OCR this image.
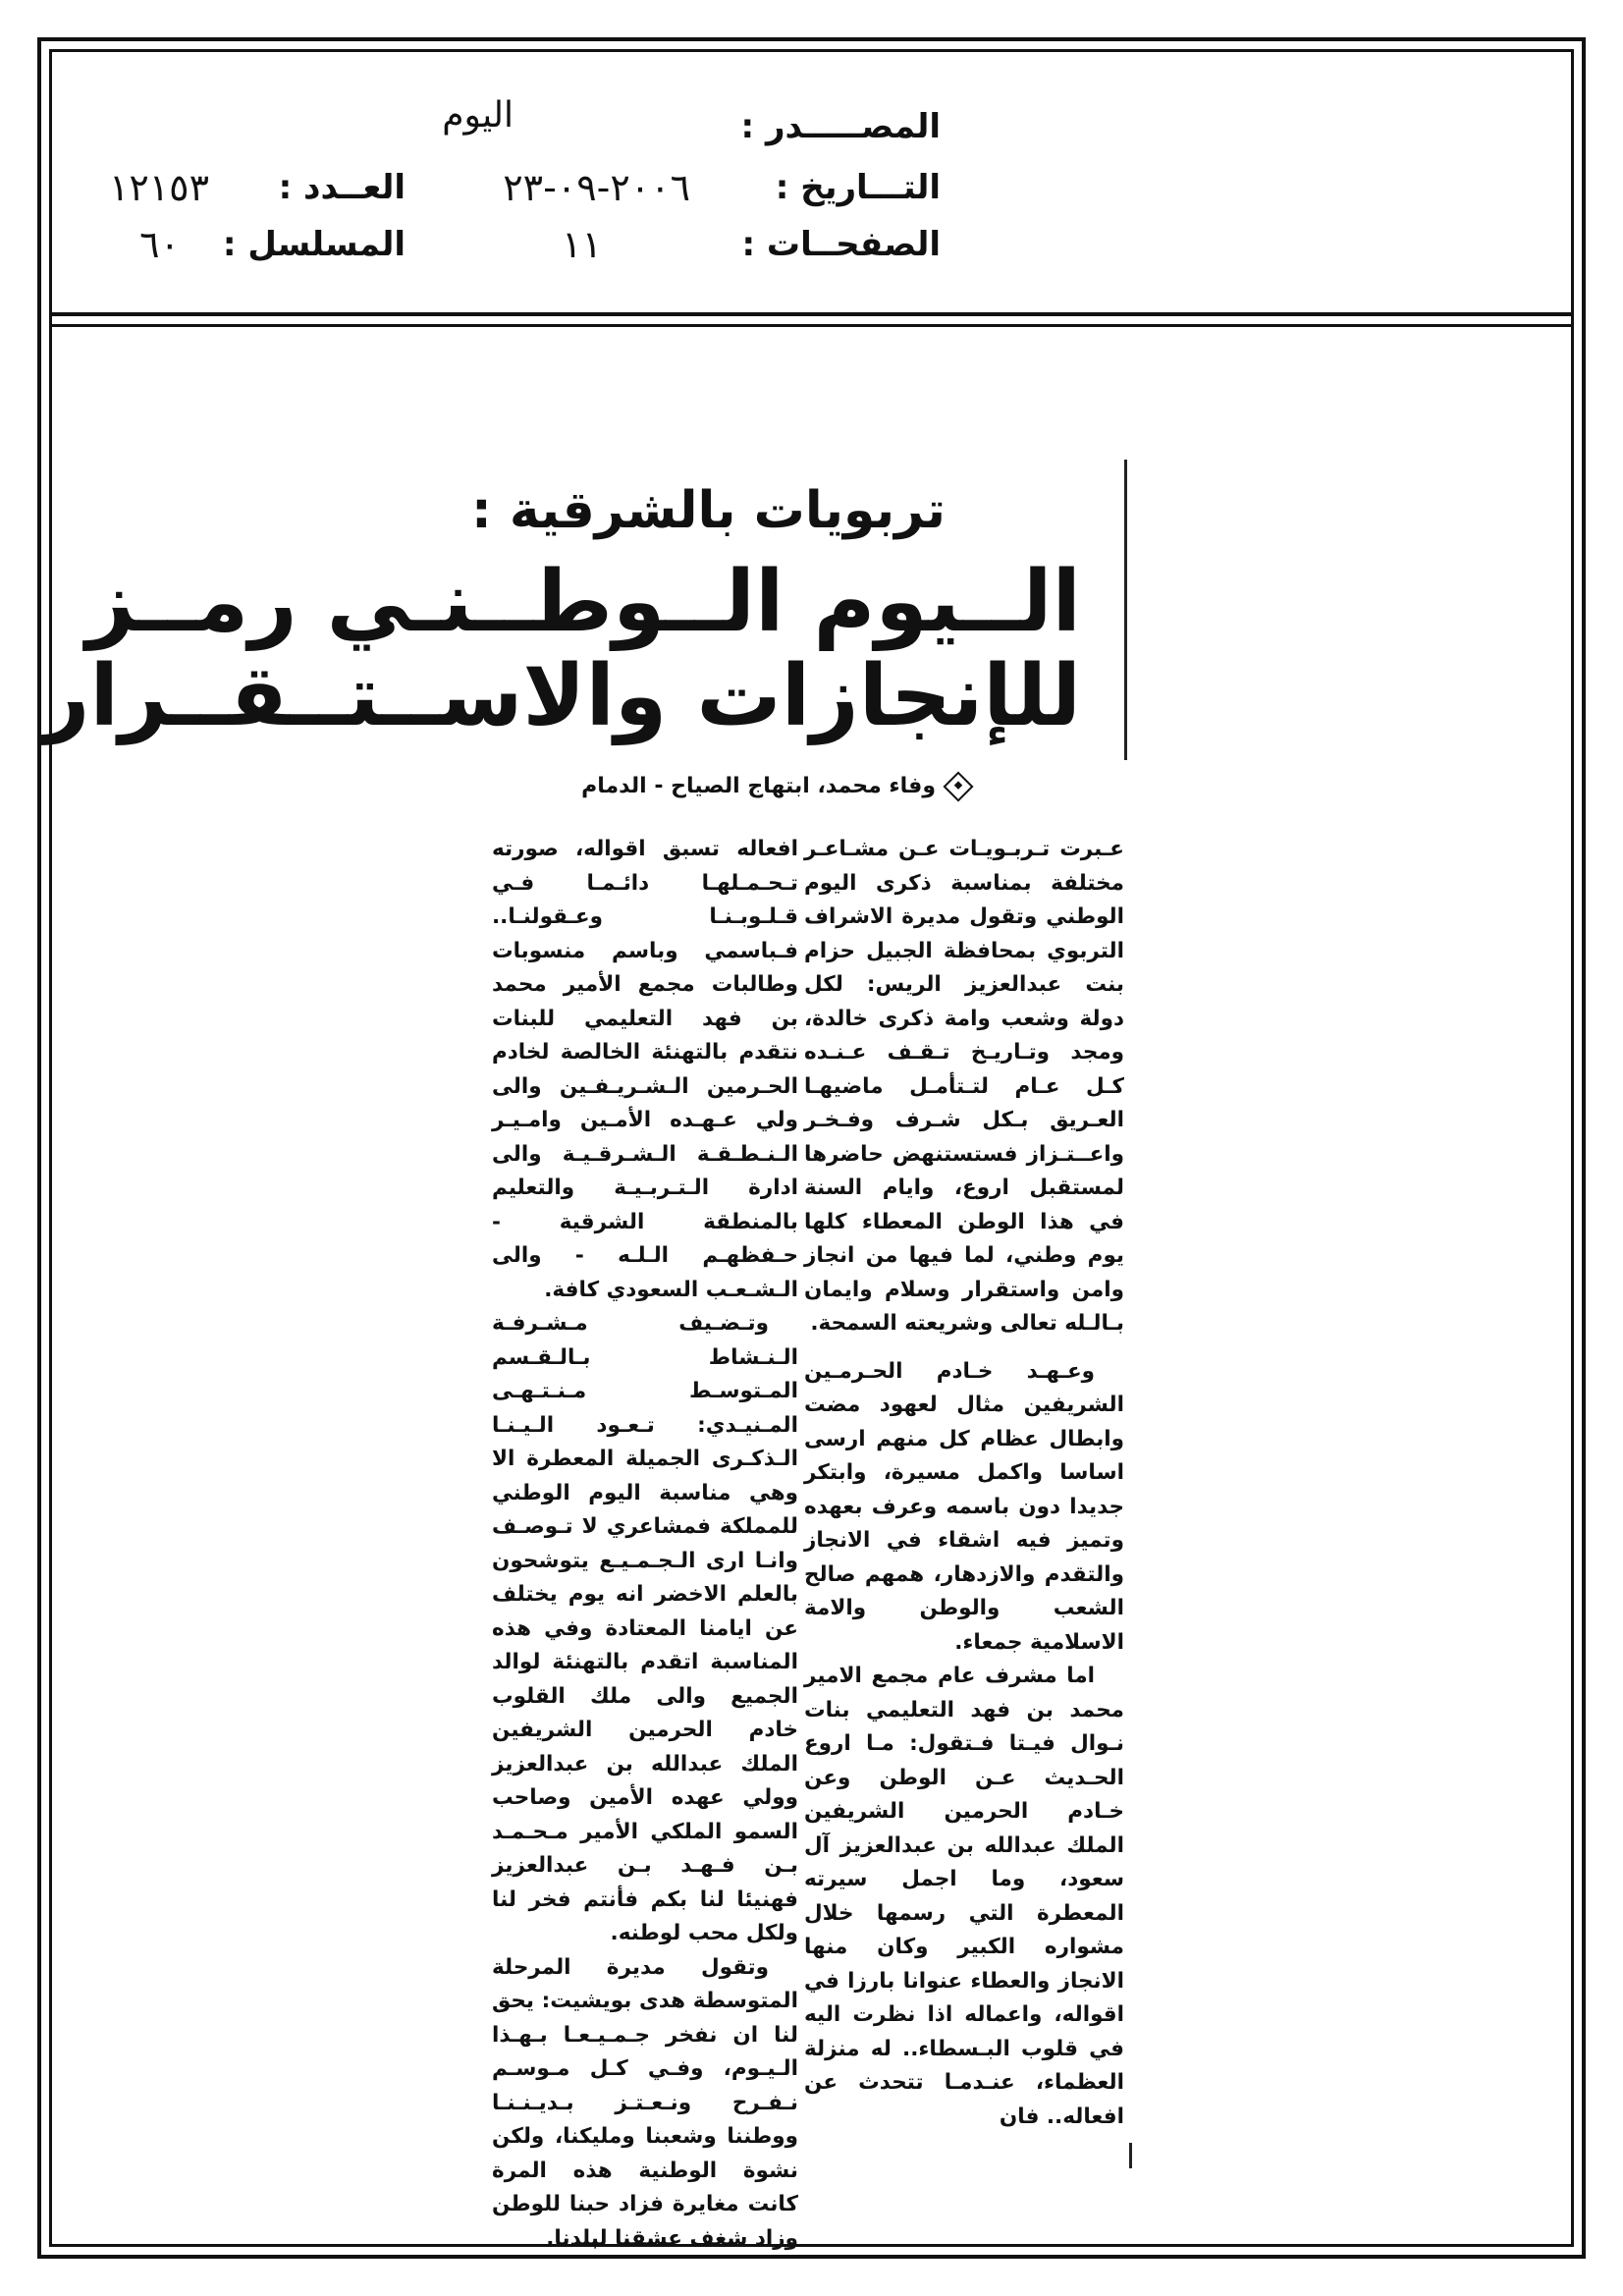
المصـــــدر :
اليوم
التـــاريخ :
٢٠٠٦-٠٩-٢٣
العــدد :
١٢١٥٣
الصفحــات :
١١
المسلسل :
٦٠
تربويات بالشرقية :
الــيوم الــوطــنـي رمــز
للإنجازات والاســتــقــرار
وفاء محمد، ابتهاج الصياح - الدمام

عـبرت تـربـويـات عـن مشـاعـر مختلفة بمناسبة ذكرى اليوم الوطني وتقول مديرة الاشراف التربوي بمحافظة الجبيل حزام بنت عبدالعزيز الريس: لكل دولة وشعب وامة ذكرى خالدة، ومجد وتـاريـخ تـقـف عـنـده كـل عـام لتـتأمـل ماضيهـا العـريق بـكل شـرف وفـخـر واعــتـزاز فستستنهض حاضرها لمستقبل اروع، وايام السنة في هذا الوطن المعطاء كلها يوم وطني، لما فيها من انجاز وامن واستقرار وسلام وايمان بـالـله تعالى وشريعته السمحة.

وعـهـد خـادم الحـرمـين الشريفين مثال لعهود مضت وابطال عظام كل منهم ارسى اساسا واكمل مسيرة، وابتكر جديدا دون باسمه وعرف بعهده وتميز فيه اشقاء في الانجاز والتقدم والازدهار، همهم صالح الشعب والوطن والامة الاسلامية جمعاء.

اما مشرف عام مجمع الامير محمد بن فهد التعليمي بنات نـوال فيـتا فـتقول: مـا اروع الحـديث عـن الوطن وعن خـادم الحرمين الشريفين الملك عبدالله بن عبدالعزيز آل سعود، وما اجمل سيرته المعطرة التي رسمها خلال مشواره الكبير وكان منها الانجاز والعطاء عنوانا بارزا في اقواله، واعماله اذا نظرت اليه في قلوب البـسطاء.. له منزلة العظماء، عنـدمـا تتحدث عن افعاله.. فان

افعاله تسبق اقواله، صورته تـحـمـلهـا دائـمـا فـي قـلـوبـنـا وعـقولنـا.. فـباسمي وباسم منسوبات وطالبات مجمع الأمير محمد بن فهد التعليمي للبنات نتقدم بالتهنئة الخالصة لخادم الحـرمين الـشـريـفـين والى ولي عـهـده الأمـين وامـيـر الـنـطـقـة الـشـرقـيـة والى ادارة الـتـربـيـة والتعليم بالمنطقة الشرقية - حـفظهـم الـلـه - والى الـشـعـب السعودي كافة.

وتـضـيف مـشـرفـة الـنـشاط بـالـقـسم المـتوسـط مـنـتـهـى المـنيـدي: تـعـود الـيـنـا الـذكـرى الجميلة المعطرة الا وهي مناسبة اليوم الوطني للمملكة فمشاعري لا تـوصـف وانـا ارى الـجـمـيـع يتوشحون بالعلم الاخضر انه يوم يختلف عن ايامنا المعتادة وفي هذه المناسبة اتقدم بالتهنئة لوالد الجميع والى ملك القلوب خادم الحرمين الشريفين الملك عبدالله بن عبدالعزيز وولي عهده الأمين وصاحب السمو الملكي الأمير مـحـمـد بـن فـهـد بـن عبدالعزيز فهنيئا لنا بكم فأنتم فخر لنا ولكل محب لوطنه.

وتقول مديرة المرحلة المتوسطة هدى بويشيت: يحق لنا ان نفخر جـمـيـعـا بـهـذا الـيـوم، وفـي كـل مـوسـم نـفـرح ونـعـتـز بـديـنـنـا ووطننا وشعبنا ومليكنا، ولكن نشوة الوطنية هذه المرة كانت مغايرة فزاد حبنا للوطن وزاد شغف عشقنا لبلدنا.
